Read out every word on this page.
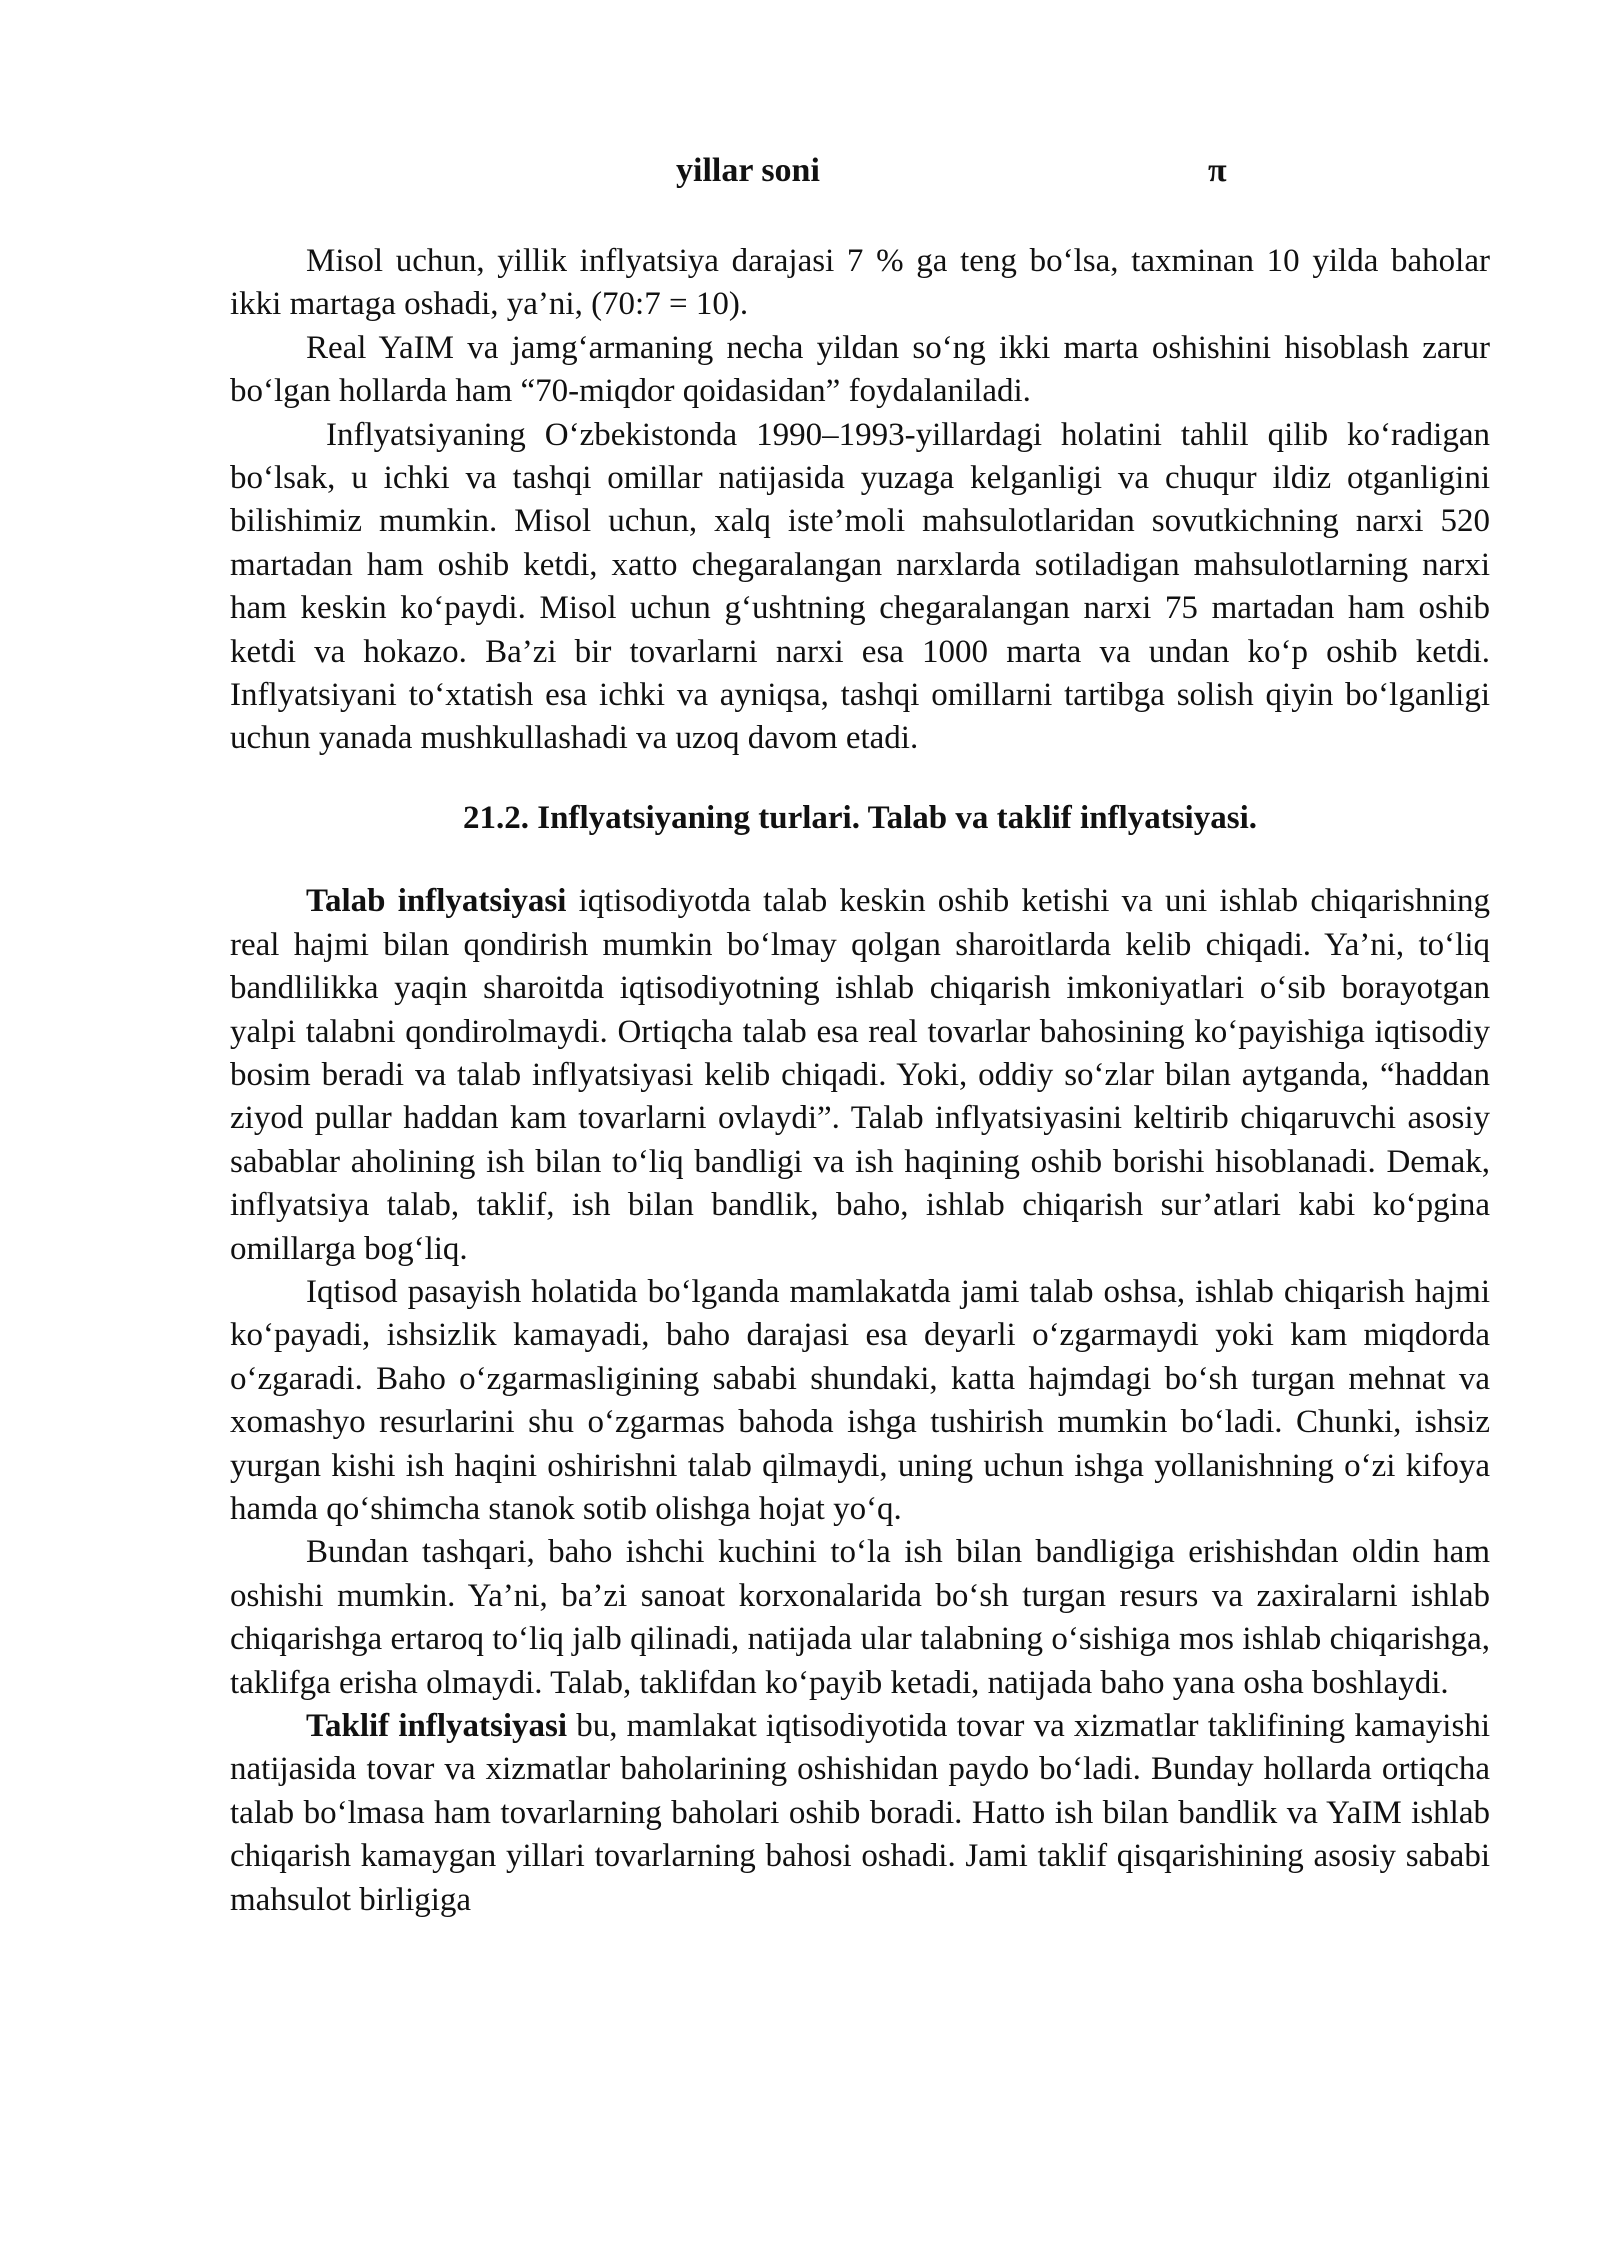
yillar soni	π

Misol uchun, yillik inflyatsiya darajasi 7 % ga teng bo‘lsa, taxminan 10 yilda baholar ikki martaga oshadi, ya’ni, (70:7 = 10).

Real YaIM va jamg‘armaning necha yildan so‘ng ikki marta oshishini hisoblash zarur bo‘lgan hollarda ham “70-miqdor qoidasidan” foydalaniladi.

Inflyatsiyaning O‘zbekistonda 1990–1993-yillardagi holatini tahlil qilib ko‘radigan bo‘lsak, u ichki va tashqi omillar natijasida yuzaga kelganligi va chuqur ildiz otganligini bilishimiz mumkin. Misol uchun, xalq iste’moli mahsulotlaridan sovutkichning narxi 520 martadan ham oshib ketdi, xatto chegaralangan narxlarda sotiladigan mahsulotlarning narxi ham keskin ko‘paydi. Misol uchun g‘ushtning chegaralangan narxi 75 martadan ham oshib ketdi va hokazo. Ba’zi bir tovarlarni narxi esa 1000 marta va undan ko‘p oshib ketdi. Inflyatsiyani to‘xtatish esa ichki va ayniqsa, tashqi omillarni tartibga solish qiyin bo‘lganligi uchun yanada mushkullashadi va uzoq davom etadi.

21.2. Inflyatsiyaning turlari. Talab va taklif inflyatsiyasi.

Talab inflyatsiyasi iqtisodiyotda talab keskin oshib ketishi va uni ishlab chiqarishning real hajmi bilan qondirish mumkin bo‘lmay qolgan sharoitlarda kelib chiqadi. Ya’ni, to‘liq bandlilikka yaqin sharoitda iqtisodiyotning ishlab chiqarish imkoniyatlari o‘sib borayotgan yalpi talabni qondirolmaydi. Ortiqcha talab esa real tovarlar bahosining ko‘payishiga iqtisodiy bosim beradi va talab inflyatsiyasi kelib chiqadi. Yoki, oddiy so‘zlar bilan aytganda, “haddan ziyod pullar haddan kam tovarlarni ovlaydi”. Talab inflyatsiyasini keltirib chiqaruvchi asosiy sabablar aholining ish bilan to‘liq bandligi va ish haqining oshib borishi hisoblanadi. Demak, inflyatsiya talab, taklif, ish bilan bandlik, baho, ishlab chiqarish sur’atlari kabi ko‘pgina omillarga bog‘liq.

Iqtisod pasayish holatida bo‘lganda mamlakatda jami talab oshsa, ishlab chiqarish hajmi ko‘payadi, ishsizlik kamayadi, baho darajasi esa deyarli o‘zgarmaydi yoki kam miqdorda o‘zgaradi. Baho o‘zgarmasligining sababi shundaki, katta hajmdagi bo‘sh turgan mehnat va xomashyo resurlarini shu o‘zgarmas bahoda ishga tushirish mumkin bo‘ladi. Chunki, ishsiz yurgan kishi ish haqini oshirishni talab qilmaydi, uning uchun ishga yollanishning o‘zi kifoya hamda qo‘shimcha stanok sotib olishga hojat yo‘q.

Bundan tashqari, baho ishchi kuchini to‘la ish bilan bandligiga erishishdan oldin ham oshishi mumkin. Ya’ni, ba’zi sanoat korxonalarida bo‘sh turgan resurs va zaxiralarni ishlab chiqarishga ertaroq to‘liq jalb qilinadi, natijada ular talabning o‘sishiga mos ishlab chiqarishga, taklifga erisha olmaydi. Talab, taklifdan ko‘payib ketadi, natijada baho yana osha boshlaydi.

Taklif inflyatsiyasi bu, mamlakat iqtisodiyotida tovar va xizmatlar taklifining kamayishi natijasida tovar va xizmatlar baholarining oshishidan paydo bo‘ladi. Bunday hollarda ortiqcha talab bo‘lmasa ham tovarlarning baholari oshib boradi. Hatto ish bilan bandlik va YaIM ishlab chiqarish kamaygan yillari tovarlarning bahosi oshadi. Jami taklif qisqarishining asosiy sababi mahsulot birligiga
